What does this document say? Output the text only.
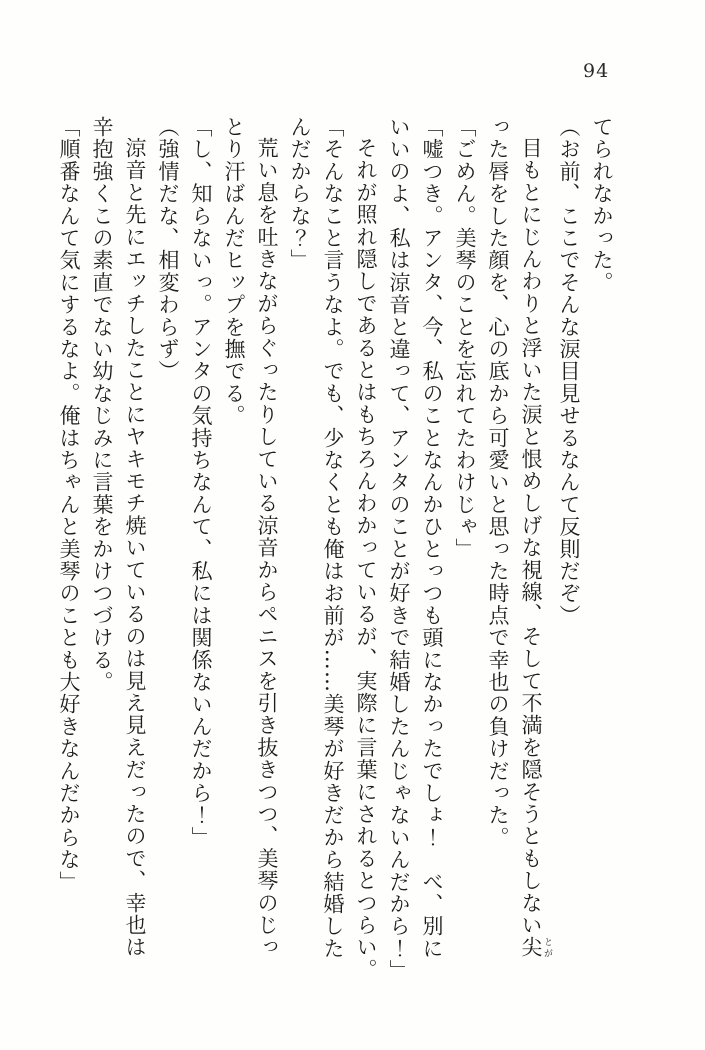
94
てられなかった。
（お前、ここでそんな涙目見せるなんて反則だぞ）
目もとにじんわりと浮いた涙と恨めしげな視線、そして不満を隠そうともしない尖 とが
った唇をした顔を、心の底から可愛いと思った時点で幸也の負けだった。
「ごめん。美琴のことを忘れてたわけじゃ」
「嘘つき。アンタ、今、私のことなんかひとっつも頭になかったでしょ！　べ、別に
いいのよ、私は涼音と違って、アンタのことが好きで結婚したんじゃないんだから！」
それが照れ隠しであるとはもちろんわかっているが、実際に言葉にされるとつらい。
「そんなこと言うなよ。でも、少なくとも俺はお前が……美琴が好きだから結婚した
んだからな？」
荒い息を吐きながらぐったりしている涼音からペニスを引き抜きつつ、美琴のじっ
とり汗ばんだヒップを撫でる。
「し、知らないっ。アンタの気持ちなんて、私には関係ないんだから！」
（強情だな、相変わらず）
涼音と先にエッチしたことにヤキモチ焼いているのは見え見えだったので、幸也は
辛抱強くこの素直でない幼なじみに言葉をかけつづける。
「順番なんて気にするなよ。俺はちゃんと美琴のことも大好きなんだからな」
